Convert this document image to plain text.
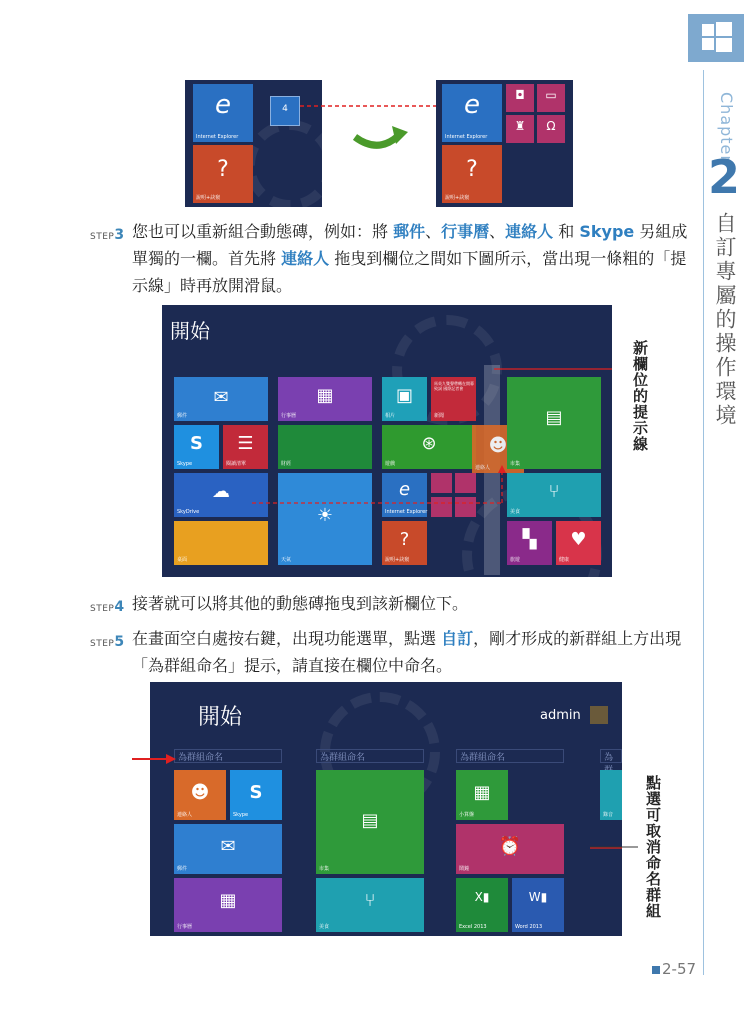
Chapter
2
自訂專屬的操作環境
e
Internet Explorer
?
說明+訣竅
4	e
Internet Explorer
?
說明+訣竅
◘	▭
♜	Ω
STEP3 您也可以重新組合動態磚，例如：將 郵件、行事曆、連絡人 和 Skype 另組成單獨的一欄。首先將 連絡人 拖曳到欄位之間如下圖所示，當出現一條粗的「提示線」時再放開滑鼠。
開始
✉
郵件
S
Skype
☰
閱讀清單
☁
SkyDrive
桌面
▦
行事曆
財經
☀
天氣
▣
相片
馬英九雙聲帶轉在開幕致詞 國際記者會
新聞
⊛
遊戲
e
Internet Explorer
?
說明+訣竅
☻
連絡人
▤
市集
⑂
美食
▚
旅遊
♥
健康
新欄位的提示線
STEP4 接著就可以將其他的動態磚拖曳到該新欄位下。
STEP5 在畫面空白處按右鍵，出現功能選單，點選 自訂，剛才形成的新群組上方出現「為群組命名」提示，請直接在欄位中命名。
開始	admin
為群組命名	為群組命名	為群組命名	為
☻
連絡人
S
Skype
✉
郵件
▦
行事曆
▤
市集
⑂
美食
▦
小算盤
⏰
鬧鐘
X▮
Excel 2013
W▮
Word 2013
錄音 點選可取消命名群組
2-57
